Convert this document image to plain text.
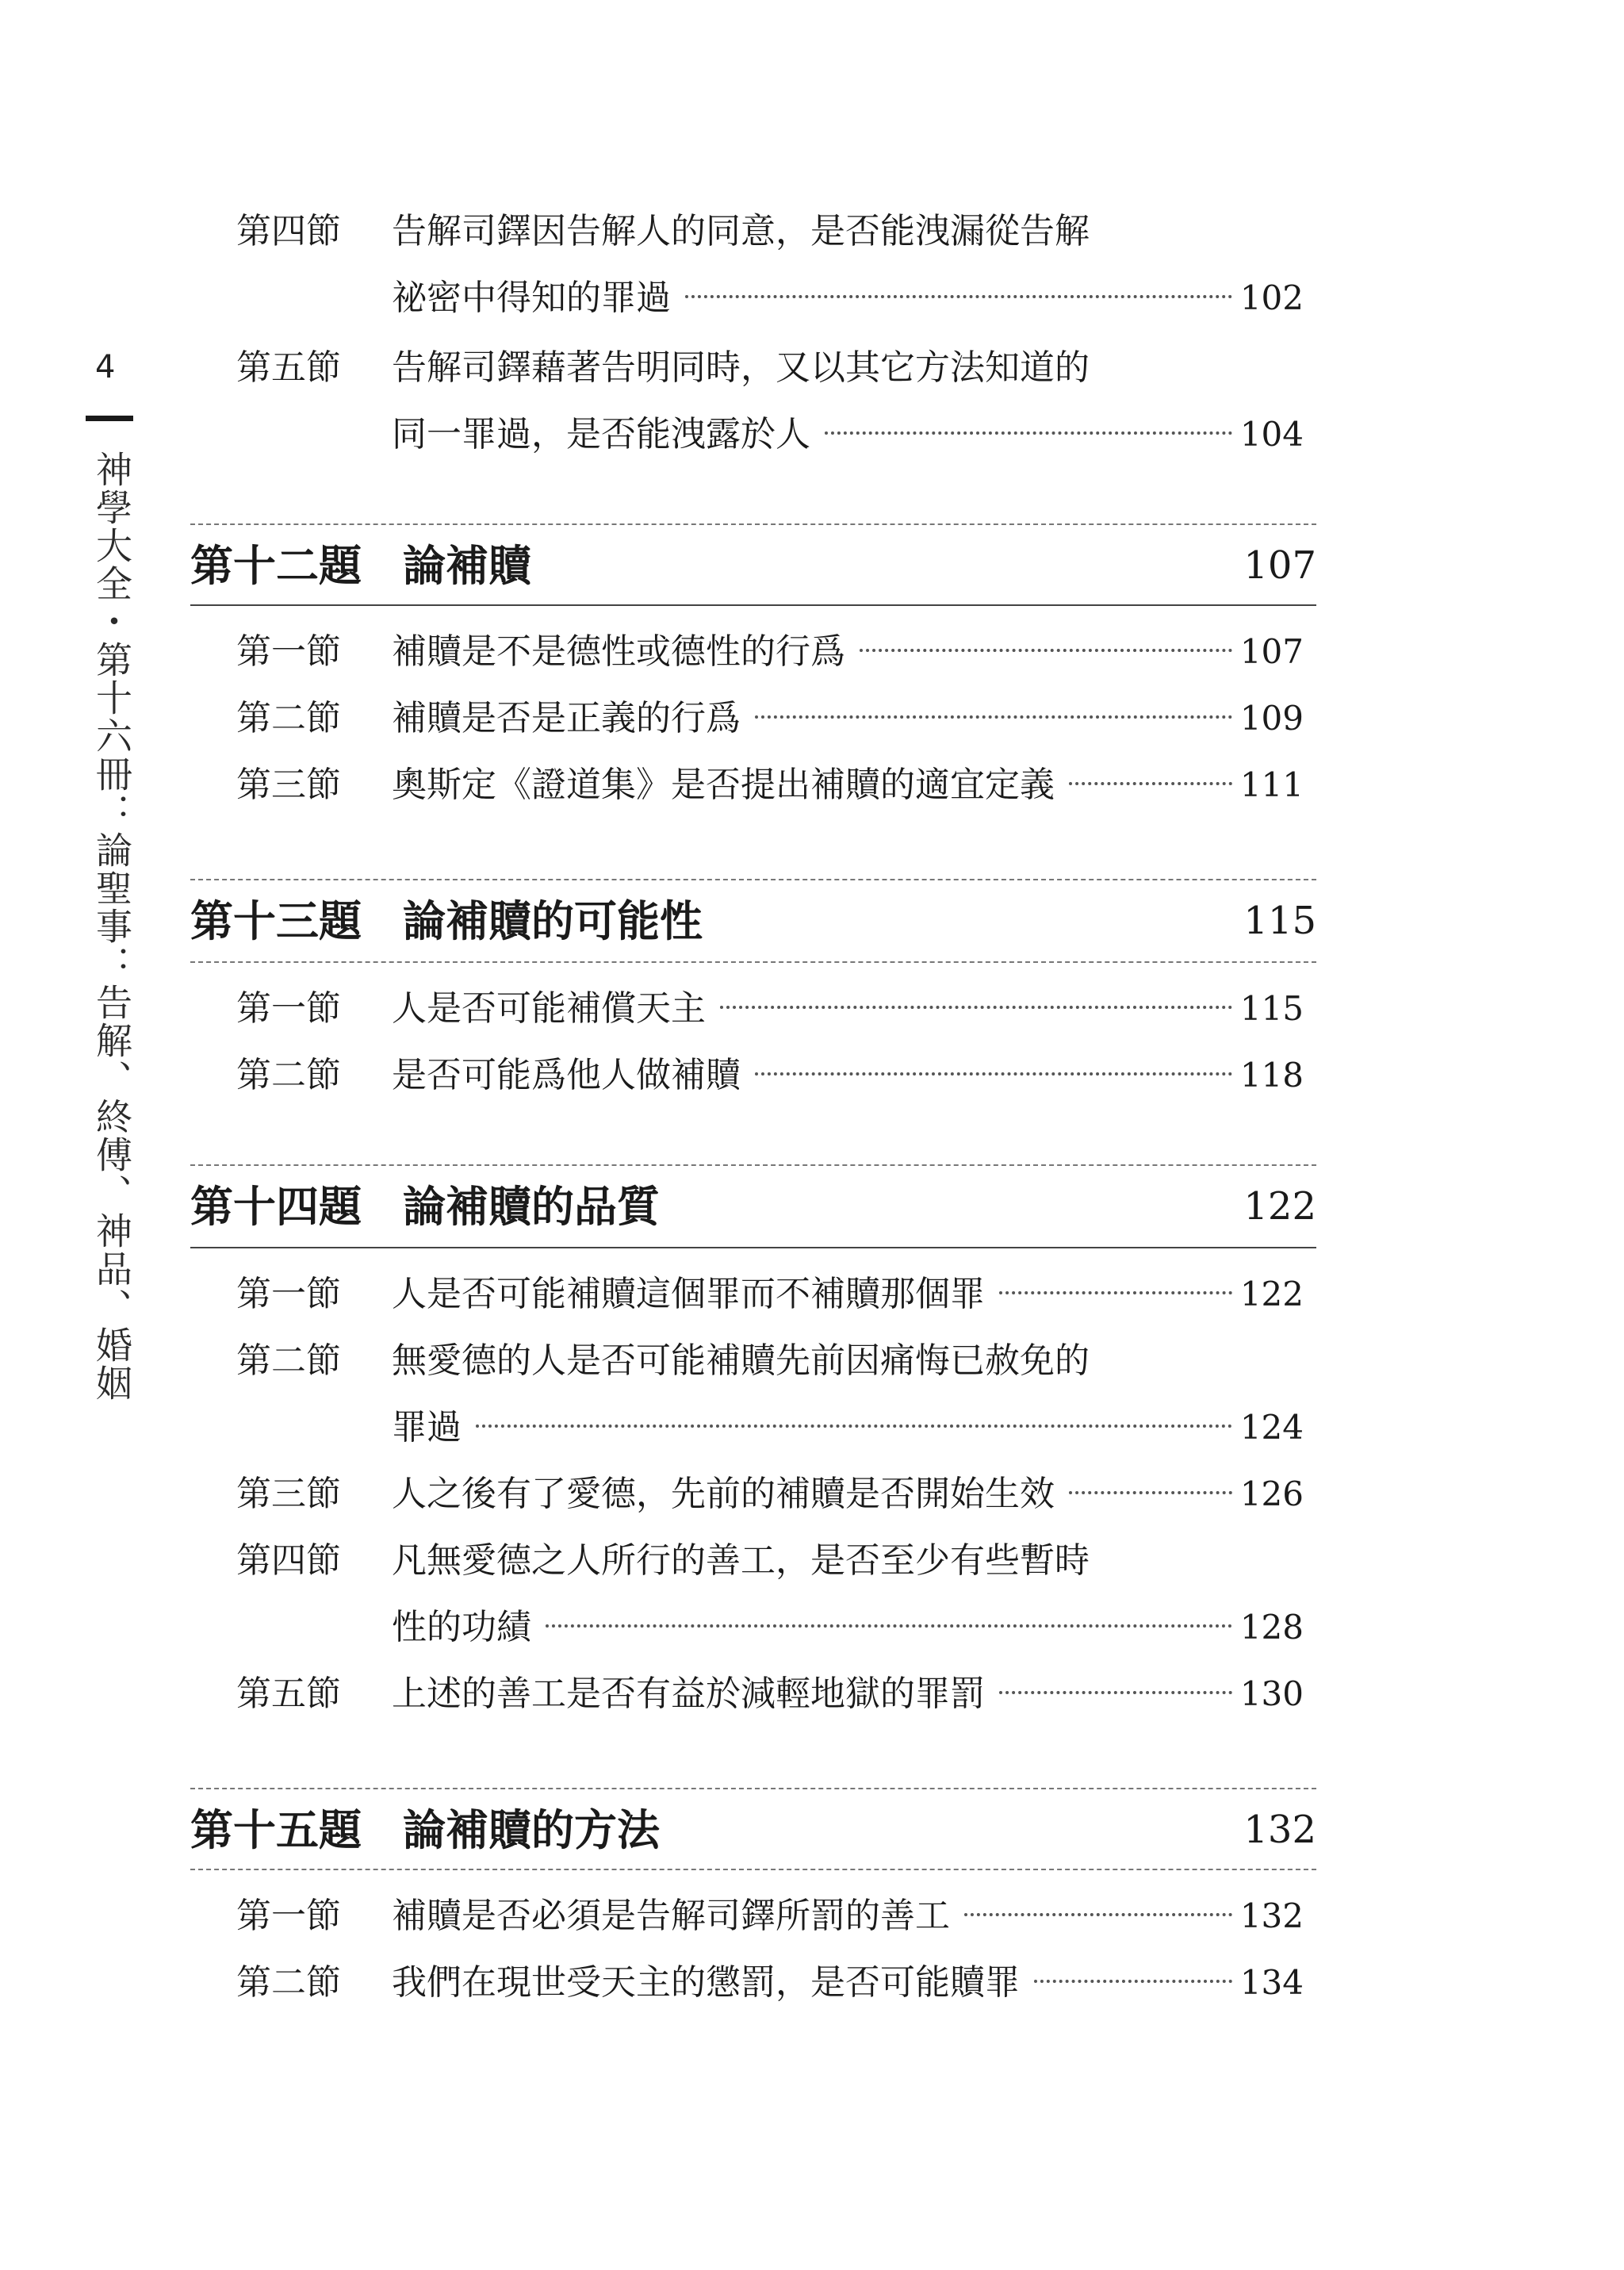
4
神學大全・第十六冊：論聖事：告解、終傅、神品、婚姻
第四節	告解司鐸因告解人的同意，是否能洩漏從告解
祕密中得知的罪過	102
第五節	告解司鐸藉著告明同時，又以其它方法知道的
同一罪過，是否能洩露於人	104
第十二題 論補贖	107
第一節	補贖是不是德性或德性的行爲	107
第二節	補贖是否是正義的行爲	109
第三節	奧斯定《證道集》是否提出補贖的適宜定義	111
第十三題 論補贖的可能性	115
第一節	人是否可能補償天主	115
第二節	是否可能爲他人做補贖	118
第十四題 論補贖的品質	122
第一節	人是否可能補贖這個罪而不補贖那個罪	122
第二節	無愛德的人是否可能補贖先前因痛悔已赦免的
罪過	124
第三節	人之後有了愛德，先前的補贖是否開始生效	126
第四節	凡無愛德之人所行的善工，是否至少有些暫時
性的功績	128
第五節	上述的善工是否有益於減輕地獄的罪罰	130
第十五題 論補贖的方法	132
第一節	補贖是否必須是告解司鐸所罰的善工	132
第二節	我們在現世受天主的懲罰，是否可能贖罪	134
